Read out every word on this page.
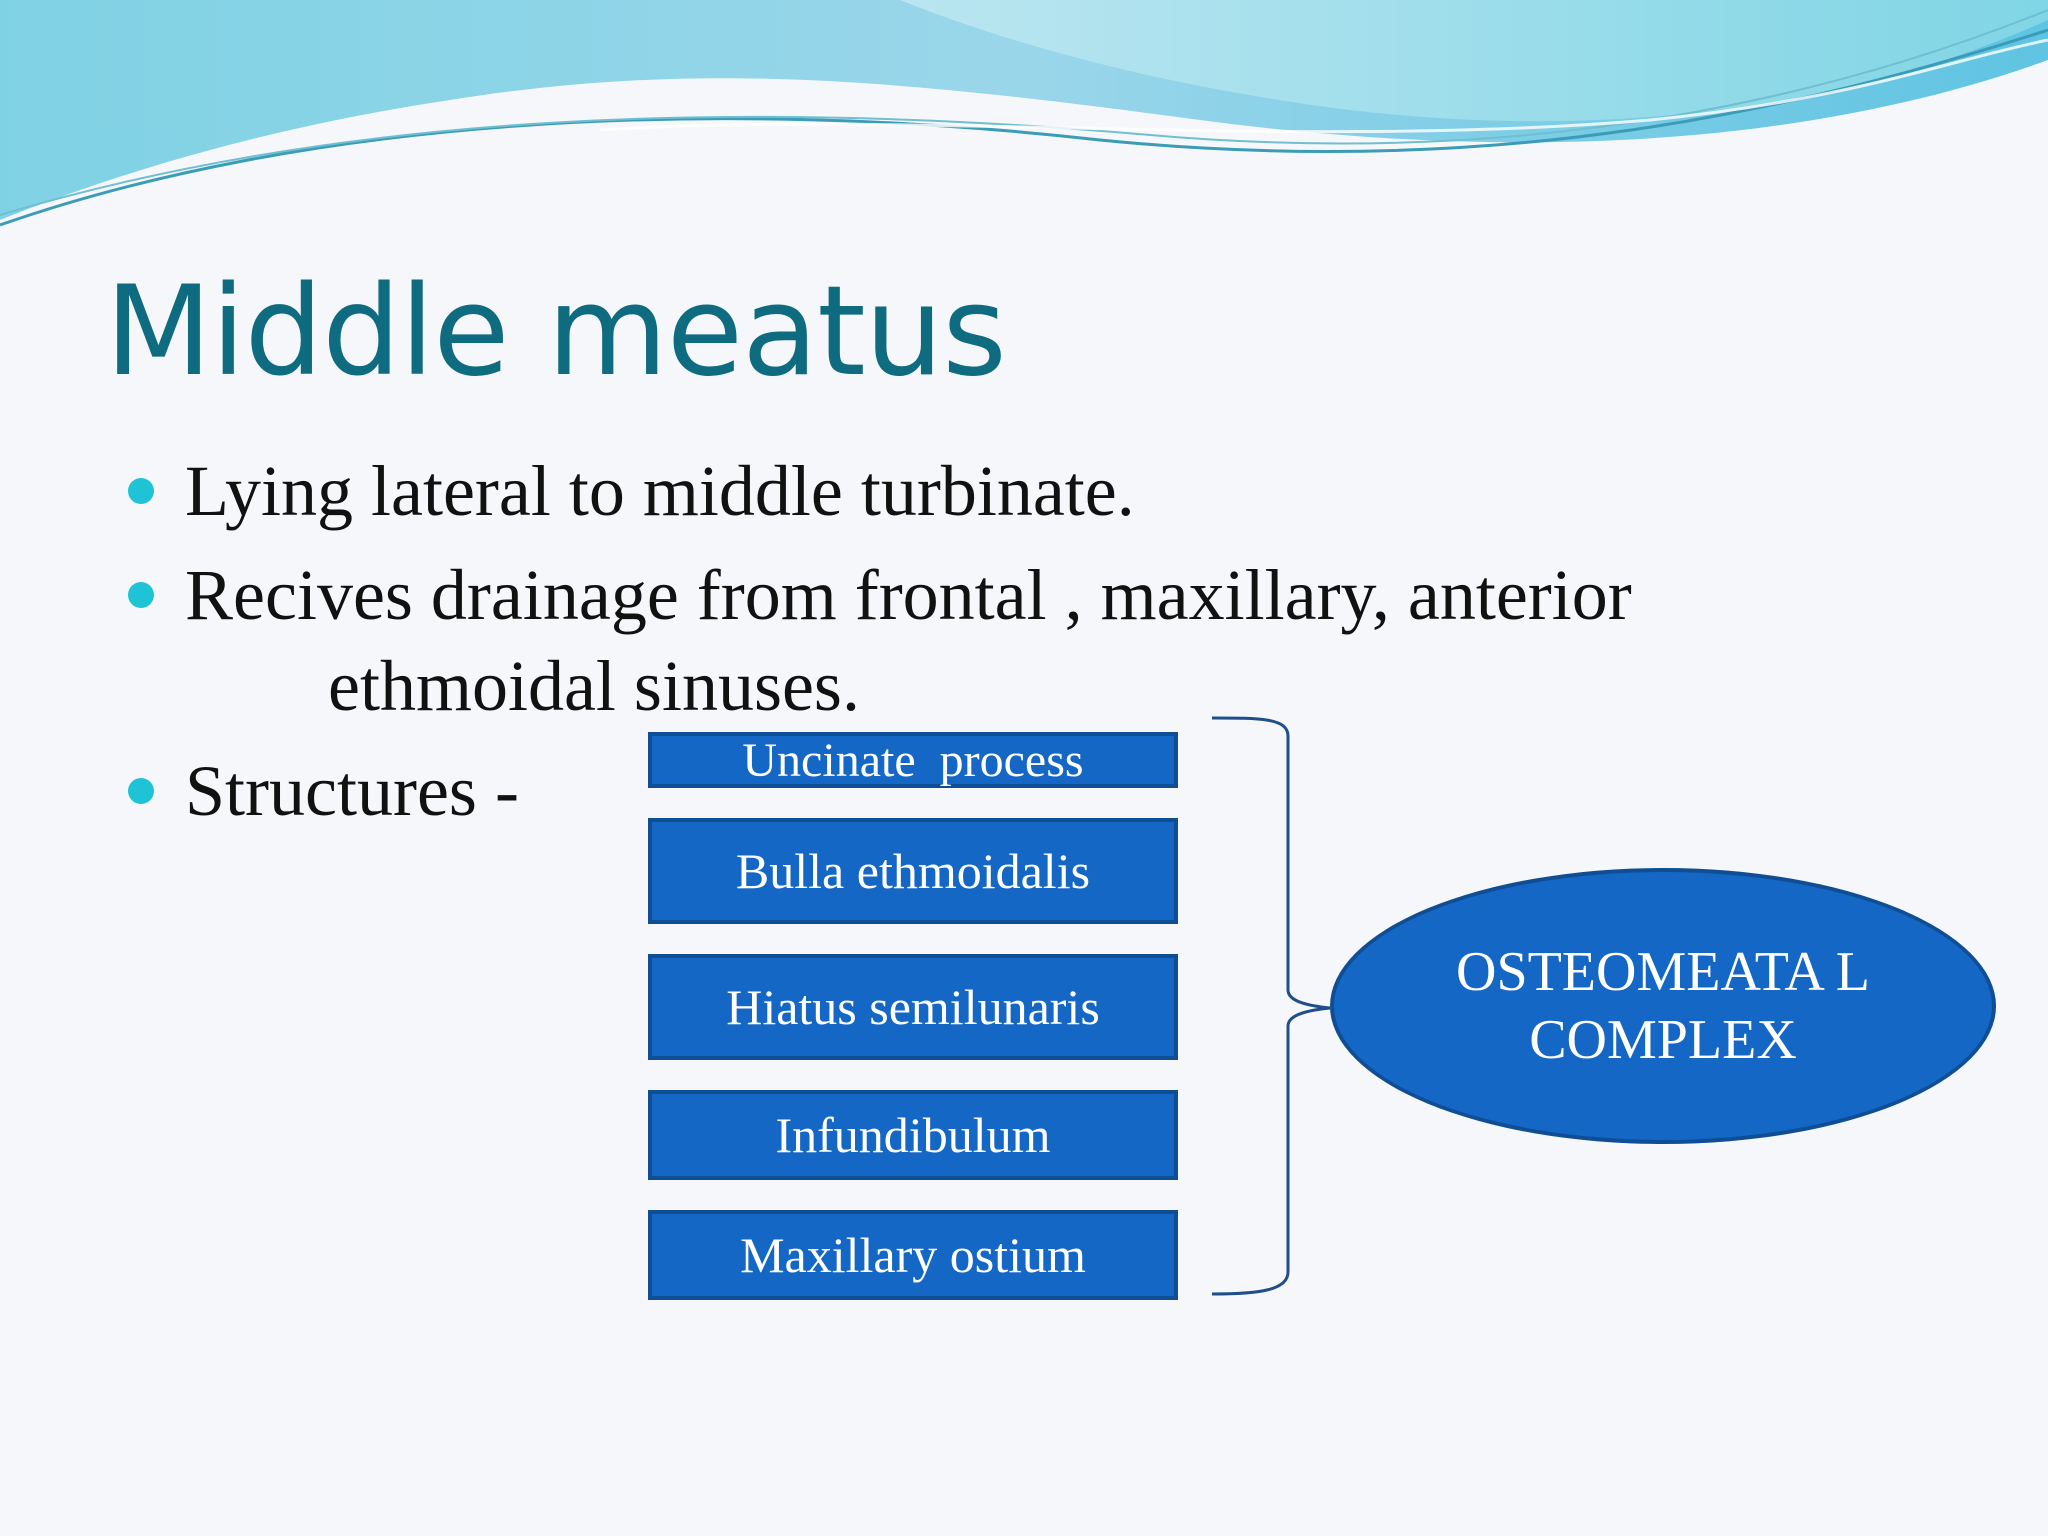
Middle meatus
Lying lateral to middle turbinate.
Recives drainage from frontal , maxillary, anterior
ethmoidal sinuses.
Structures -	Uncinate  process
Bulla ethmoidalis
Hiatus semilunaris
Infundibulum
Maxillary ostium
OSTEOMEATA L
COMPLEX
